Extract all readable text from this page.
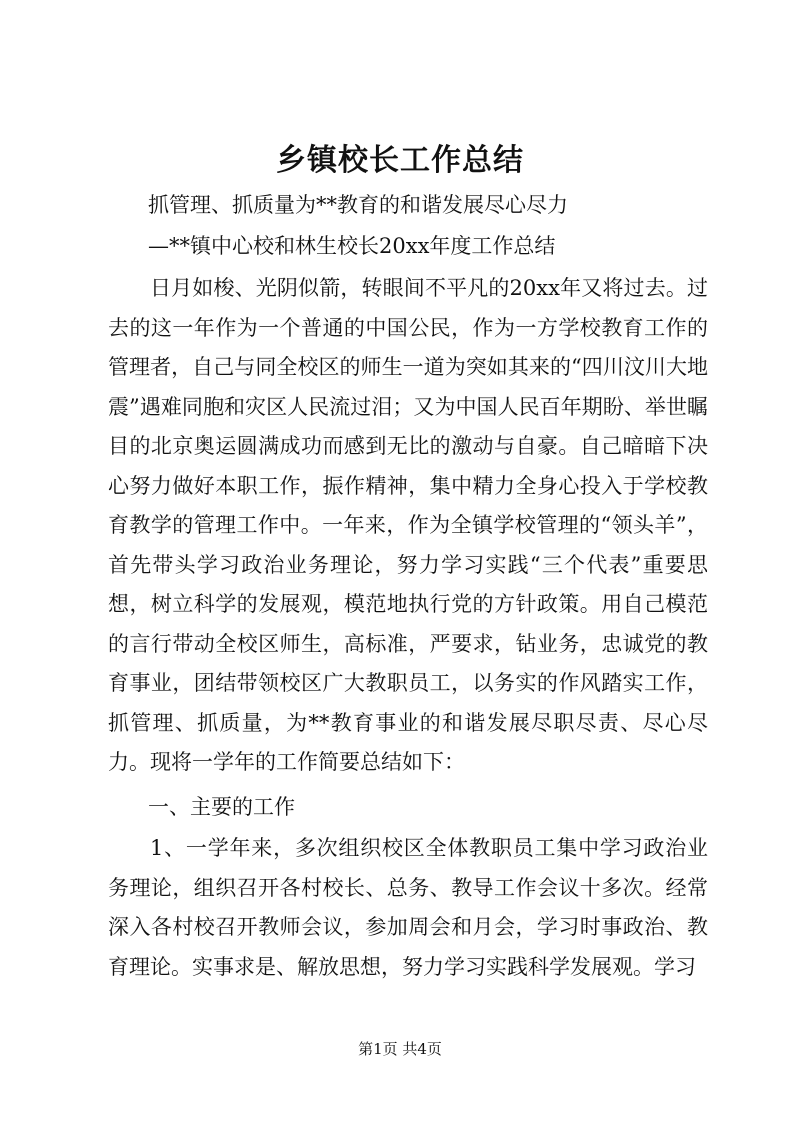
乡镇校长工作总结
抓管理、抓质量为**教育的和谐发展尽心尽力
—**镇中心校和林生校长20xx年度工作总结

日月如梭、光阴似箭，转眼间不平凡的20xx年又将过去。过去的这一年作为一个普通的中国公民，作为一方学校教育工作的管理者，自己与同全校区的师生一道为突如其来的“四川汶川大地震”遇难同胞和灾区人民流过泪；又为中国人民百年期盼、举世瞩目的北京奥运圆满成功而感到无比的激动与自豪。自己暗暗下决心努力做好本职工作，振作精神，集中精力全身心投入于学校教育教学的管理工作中。一年来，作为全镇学校管理的“领头羊”，首先带头学习政治业务理论，努力学习实践“三个代表”重要思想，树立科学的发展观，模范地执行党的方针政策。用自己模范的言行带动全校区师生，高标准，严要求，钻业务，忠诚党的教育事业，团结带领校区广大教职员工，以务实的作风踏实工作，抓管理、抓质量，为**教育事业的和谐发展尽职尽责、尽心尽力。现将一学年的工作简要总结如下：

一、主要的工作

1、一学年来，多次组织校区全体教职员工集中学习政治业务理论，组织召开各村校长、总务、教导工作会议十多次。经常深入各村校召开教师会议，参加周会和月会，学习时事政治、教育理论。实事求是、解放思想，努力学习实践科学发展观。学习

第1页 共4页
